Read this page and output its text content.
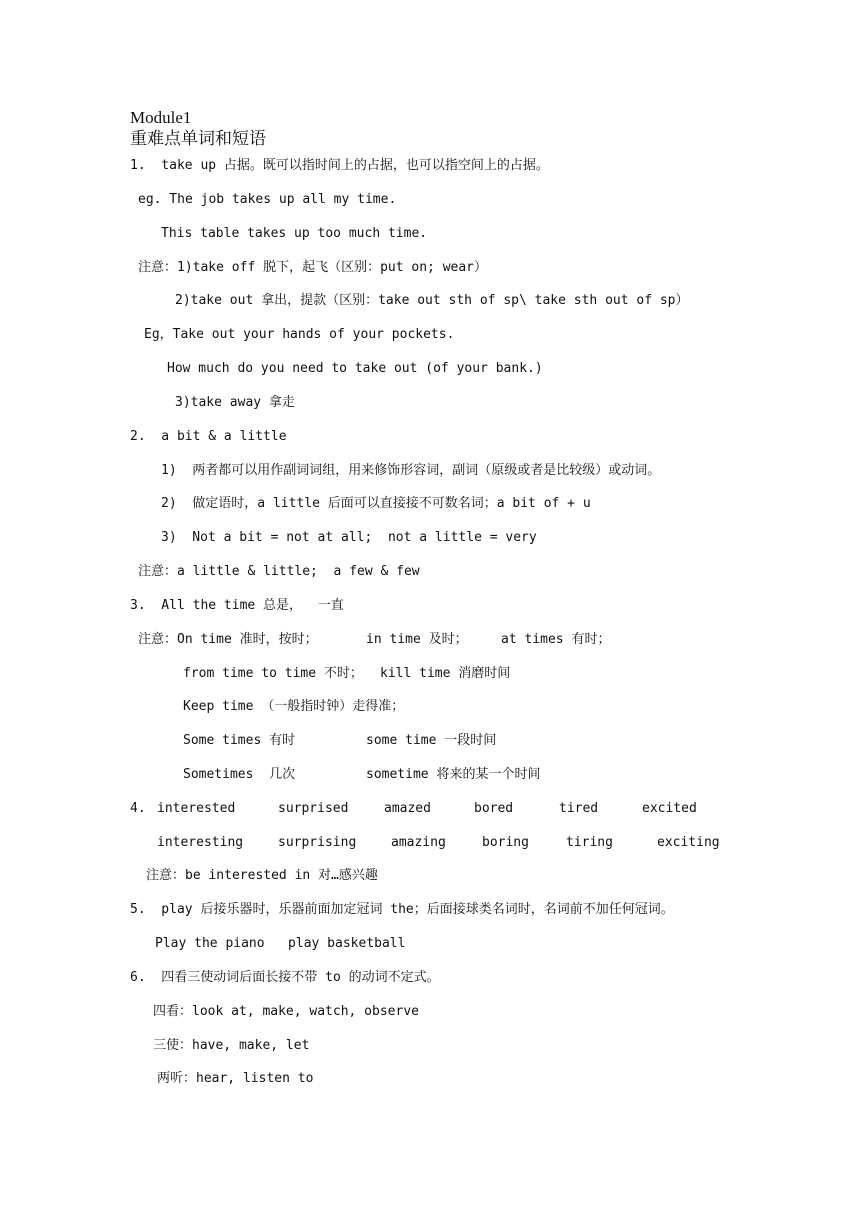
Module1
重难点单词和短语
1.  take up 占据。既可以指时间上的占据，也可以指空间上的占据。
eg. The job takes up all my time.
This table takes up too much time.
注意：1)take off 脱下，起飞（区别：put on; wear）
2)take out 拿出，提款（区别：take out sth of sp\ take sth out of sp）
Eg，Take out your hands of your pockets.
How much do you need to take out (of your bank.)
3)take away 拿走
2.  a bit & a little
1)  两者都可以用作副词词组，用来修饰形容词，副词（原级或者是比较级）或动词。
2)  做定语时，a little 后面可以直接接不可数名词；a bit of + u
3)  Not a bit = not at all;  not a little = very
注意：a little & little;  a few & few
3.  All the time 总是，  一直
注意：On time 准时，按时；	in time 及时；	at times 有时；
from time to time 不时； kill time 消磨时间
Keep time （一般指时钟）走得准；
Some times 有时	some time 一段时间
Sometimes  几次	sometime 将来的某一个时间
4. interested	surprised	amazed	bored	tired	excited
interesting	surprising	amazing	boring	tiring	exciting
注意：be interested in 对…感兴趣
5.  play 后接乐器时，乐器前面加定冠词 the；后面接球类名词时，名词前不加任何冠词。
Play the piano   play basketball
6.  四看三使动词后面长接不带 to 的动词不定式。
四看：look at, make, watch, observe
三使：have, make, let
两听：hear, listen to
